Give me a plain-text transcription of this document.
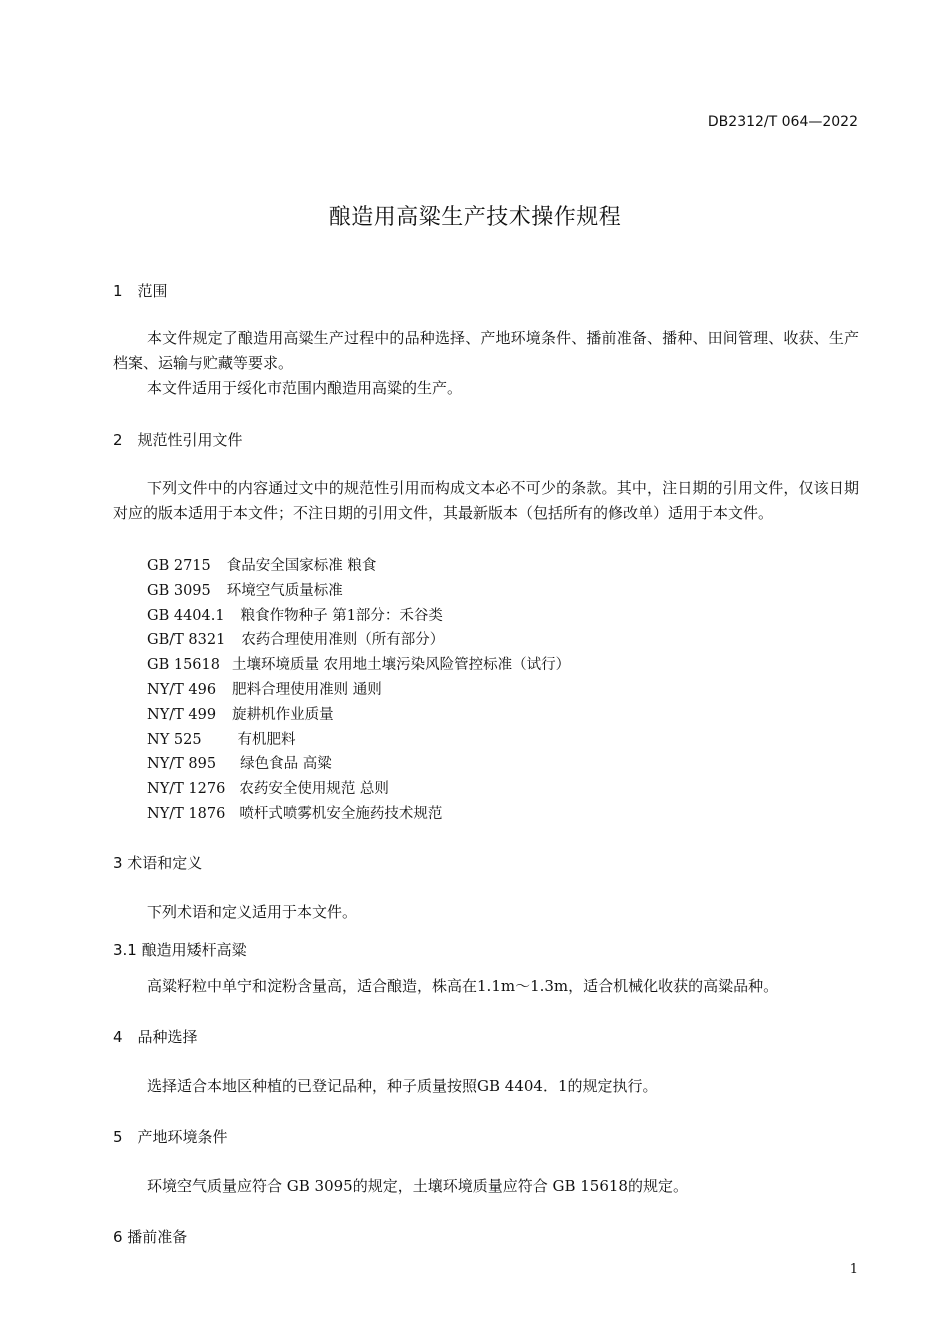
DB2312/T 064—2022
酿造用高粱生产技术操作规程
1　范围
本文件规定了酿造用高粱生产过程中的品种选择、产地环境条件、播前准备、播种、田间管理、收获、生产档案、运输与贮藏等要求。
本文件适用于绥化市范围内酿造用高粱的生产。
2　规范性引用文件
下列文件中的内容通过文中的规范性引用而构成文本必不可少的条款。其中，注日期的引用文件，仅该日期对应的版本适用于本文件；不注日期的引用文件，其最新版本（包括所有的修改单）适用于本文件。
GB 2715 食品安全国家标准 粮食
GB 3095 环境空气质量标准
GB 4404.1 粮食作物种子 第1部分：禾谷类
GB/T 8321 农药合理使用准则（所有部分）
GB 15618 土壤环境质量 农用地土壤污染风险管控标准（试行）
NY/T 496 肥料合理使用准则 通则
NY/T 499 旋耕机作业质量
NY 525 有机肥料
NY/T 895 绿色食品 高粱
NY/T 1276 农药安全使用规范 总则
NY/T 1876 喷杆式喷雾机安全施药技术规范
3 术语和定义
下列术语和定义适用于本文件。
3.1 酿造用矮杆高粱
高粱籽粒中单宁和淀粉含量高，适合酿造，株高在1.1m～1.3m，适合机械化收获的高粱品种。
4　品种选择
选择适合本地区种植的已登记品种，种子质量按照GB 4404．1的规定执行。
5　产地环境条件
环境空气质量应符合 GB 3095的规定，土壤环境质量应符合 GB 15618的规定。
6 播前准备
1
